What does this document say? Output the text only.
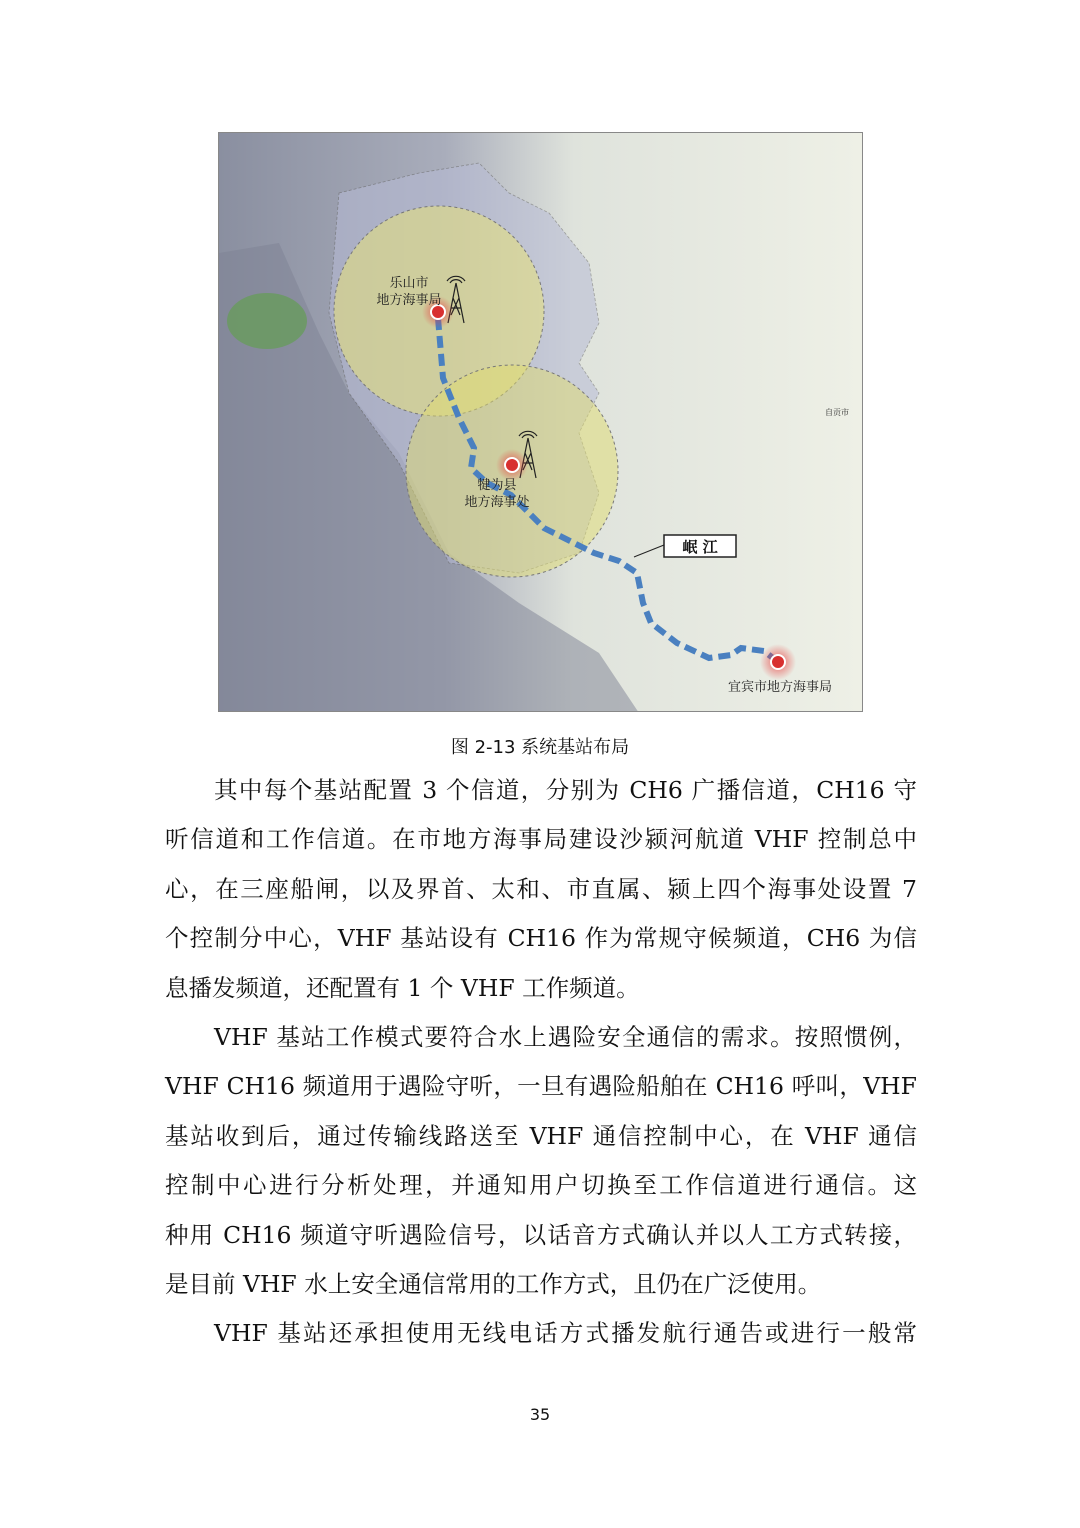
岷 江
乐山市
地方海事局
犍为县
地方海事处
宜宾市地方海事局
自贡市
图 2-13 系统基站布局
其中每个基站配置 3 个信道，分别为 CH6 广播信道，CH16 守
听信道和工作信道。在市地方海事局建设沙颍河航道 VHF 控制总中
心，在三座船闸，以及界首、太和、市直属、颍上四个海事处设置 7
个控制分中心，VHF 基站设有 CH16 作为常规守候频道，CH6 为信
息播发频道，还配置有 1 个 VHF 工作频道。
VHF 基站工作模式要符合水上遇险安全通信的需求。按照惯例，
VHF CH16 频道用于遇险守听，一旦有遇险船舶在 CH16 呼叫，VHF
基站收到后，通过传输线路送至 VHF 通信控制中心，在 VHF 通信
控制中心进行分析处理，并通知用户切换至工作信道进行通信。这
种用 CH16 频道守听遇险信号，以话音方式确认并以人工方式转接，
是目前 VHF 水上安全通信常用的工作方式，且仍在广泛使用。
VHF 基站还承担使用无线电话方式播发航行通告或进行一般常
35
